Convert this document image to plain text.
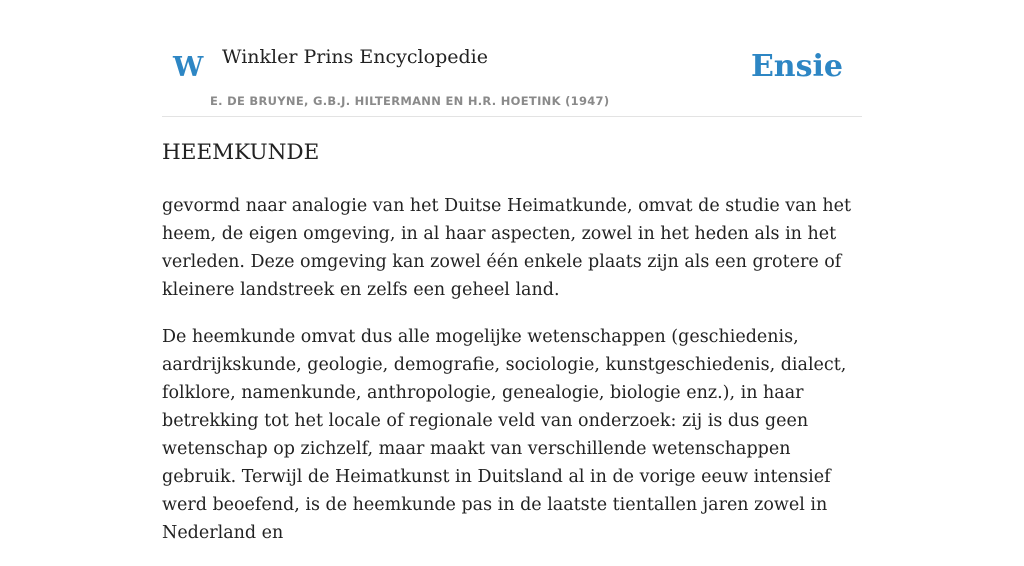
W Winkler Prins Encyclopedie
E. DE BRUYNE, G.B.J. HILTERMANN EN H.R. HOETINK (1947)
Ensie
HEEMKUNDE

gevormd naar analogie van het Duitse Heimatkunde, omvat de studie van het heem, de eigen omgeving, in al haar aspecten, zowel in het heden als in het verleden. Deze omgeving kan zowel één enkele plaats zijn als een grotere of kleinere landstreek en zelfs een geheel land.

De heemkunde omvat dus alle mogelijke wetenschappen (geschiedenis, aardrijkskunde, geologie, demografie, sociologie, kunstgeschiedenis, dialect, folklore, namenkunde, anthropologie, genealogie, biologie enz.), in haar betrekking tot het locale of regionale veld van onderzoek: zij is dus geen wetenschap op zichzelf, maar maakt van verschillende wetenschappen gebruik. Terwijl de Heimatkunst in Duitsland al in de vorige eeuw intensief werd beoefend, is de heemkunde pas in de laatste tientallen jaren zowel in Nederland en
